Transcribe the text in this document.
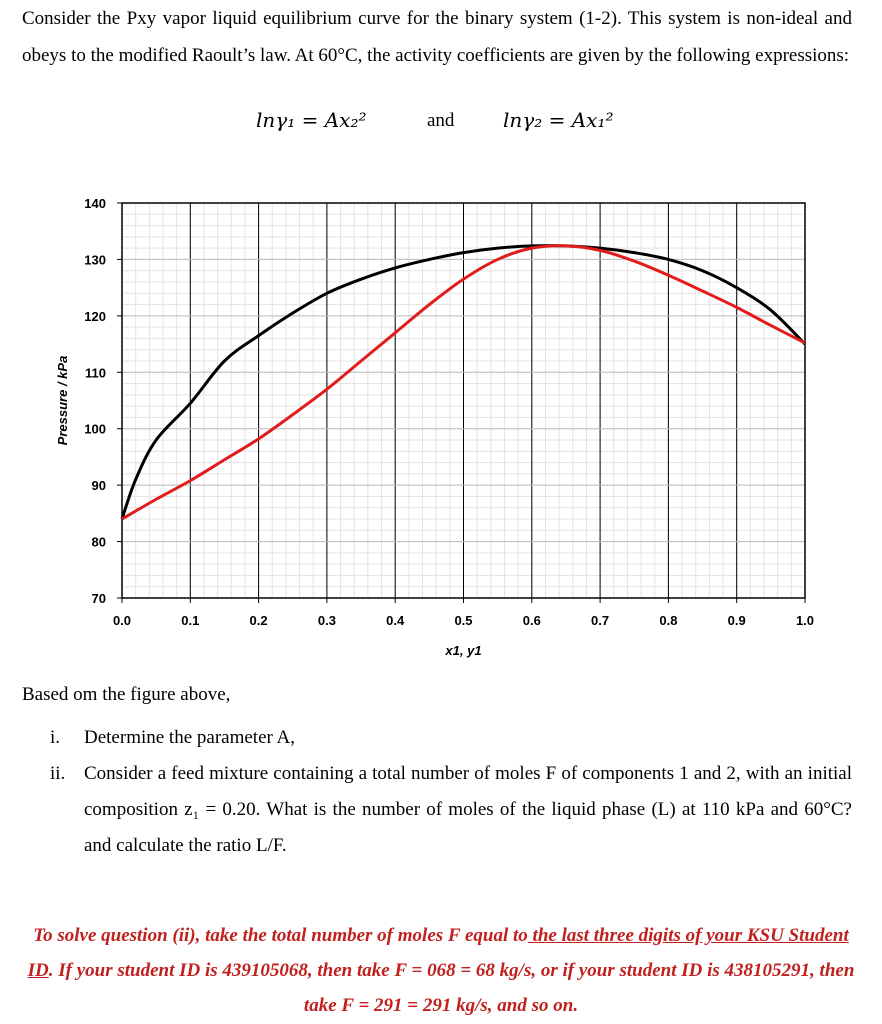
Consider the Pxy vapor liquid equilibrium curve for the binary system (1-2). This system is non-ideal and obeys to the modified Raoult’s law. At 60°C, the activity coefficients are given by the following expressions:
lnγ₁ = Ax₂²	and lnγ₂ = Ax₁²
0.0	0.1	0.2	0.3	0.4	0.5	0.6	0.7	0.8	0.9	1.0
70
80
90
100
110
120
130
140
x1, y1
Pressure / kPa
Based om the figure above,
i.	Determine the parameter A,
ii. Consider a feed mixture containing a total number of moles F of components 1 and 2, with an initial composition z₁ = 0.20. What is the number of moles of the liquid phase (L) at 110 kPa and 60°C? and calculate the ratio L/F.
To solve question (ii), take the total number of moles F equal to the last three digits of your KSU Student ID. If your student ID is 439105068, then take F = 068 = 68 kg/s, or if your student ID is 438105291, then take F = 291 = 291 kg/s, and so on.
